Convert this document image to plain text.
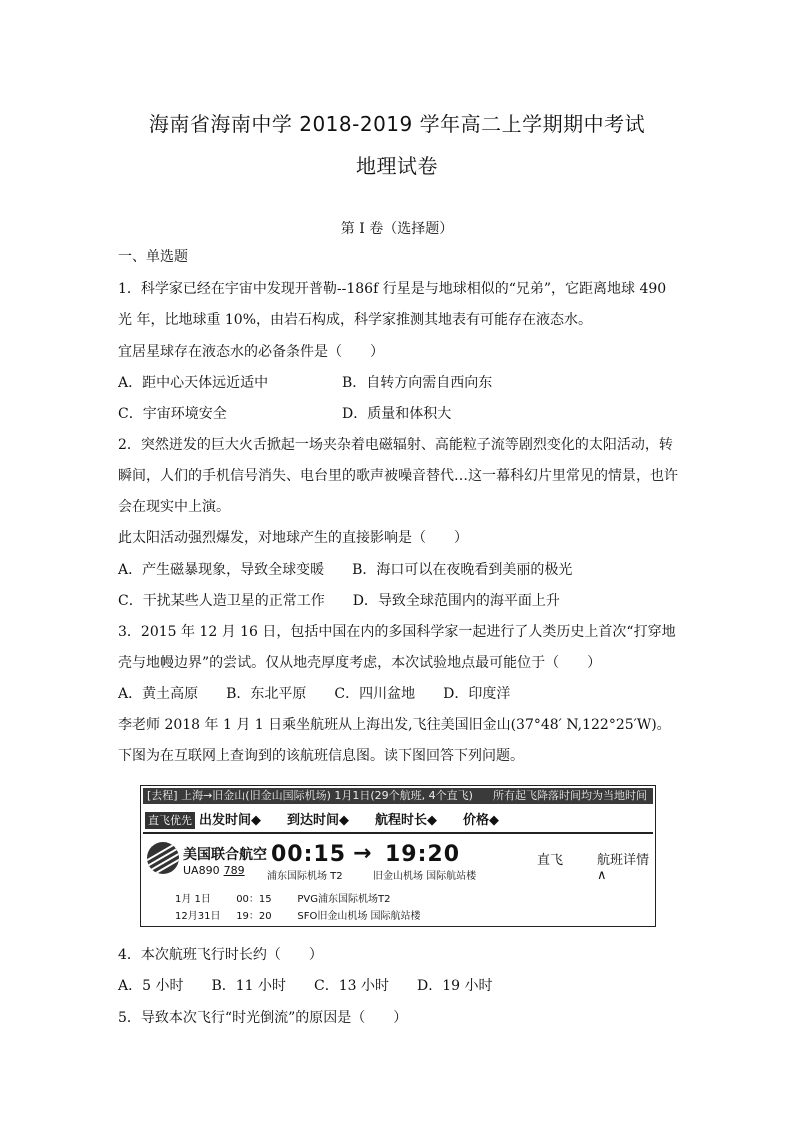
海南省海南中学 2018-2019 学年高二上学期期中考试
地理试卷
第 I 卷（选择题）
一、单选题
1．科学家已经在宇宙中发现开普勒--186f 行星是与地球相似的“兄弟”，它距离地球 490
光 年，比地球重 10%，由岩石构成，科学家推测其地表有可能存在液态水。
宜居星球存在液态水的必备条件是（　　）
A．距中心天体远近适中	B．自转方向需自西向东
C．宇宙环境安全	D．质量和体积大
2．突然迸发的巨大火舌掀起一场夹杂着电磁辐射、高能粒子流等剧烈变化的太阳活动，转
瞬间，人们的手机信号消失、电台里的歌声被噪音替代…这一幕科幻片里常见的情景，也许
会在现实中上演。
此太阳活动强烈爆发，对地球产生的直接影响是（　　）
A．产生磁暴现象，导致全球变暖　　B．海口可以在夜晚看到美丽的极光
C．干扰某些人造卫星的正常工作　　D．导致全球范围内的海平面上升
3．2015 年 12 月 16 日，包括中国在内的多国科学家一起进行了人类历史上首次“打穿地
壳与地幔边界”的尝试。仅从地壳厚度考虑，本次试验地点最可能位于（　　）
A．黄土高原　　B．东北平原　　C．四川盆地　　D．印度洋
李老师 2018 年 1 月 1 日乘坐航班从上海出发,飞往美国旧金山(37°48′ N,122°25′W)。
下图为在互联网上查询到的该航班信息图。读下图回答下列问题。
[去程] 上海→旧金山(旧金山国际机场) 1月1日(29个航班, 4个直飞) 所有起飞降落时间均为当地时间
直飞优先 出发时间◆ 到达时间◆ 航程时长◆ 价格◆
美国联合航空
UA890 789
00:15 → 19:20
浦东国际机场 T2	旧金山机场 国际航站楼
直飞	航班详情∧
1月 1日	00：15	PVG浦东国际机场T2
12月31日 19：20	SFO旧金山机场 国际航站楼
4．本次航班飞行时长约（　　）
A．5 小时　　B．11 小时　　C．13 小时　　D．19 小时
5．导致本次飞行“时光倒流”的原因是（　　）
